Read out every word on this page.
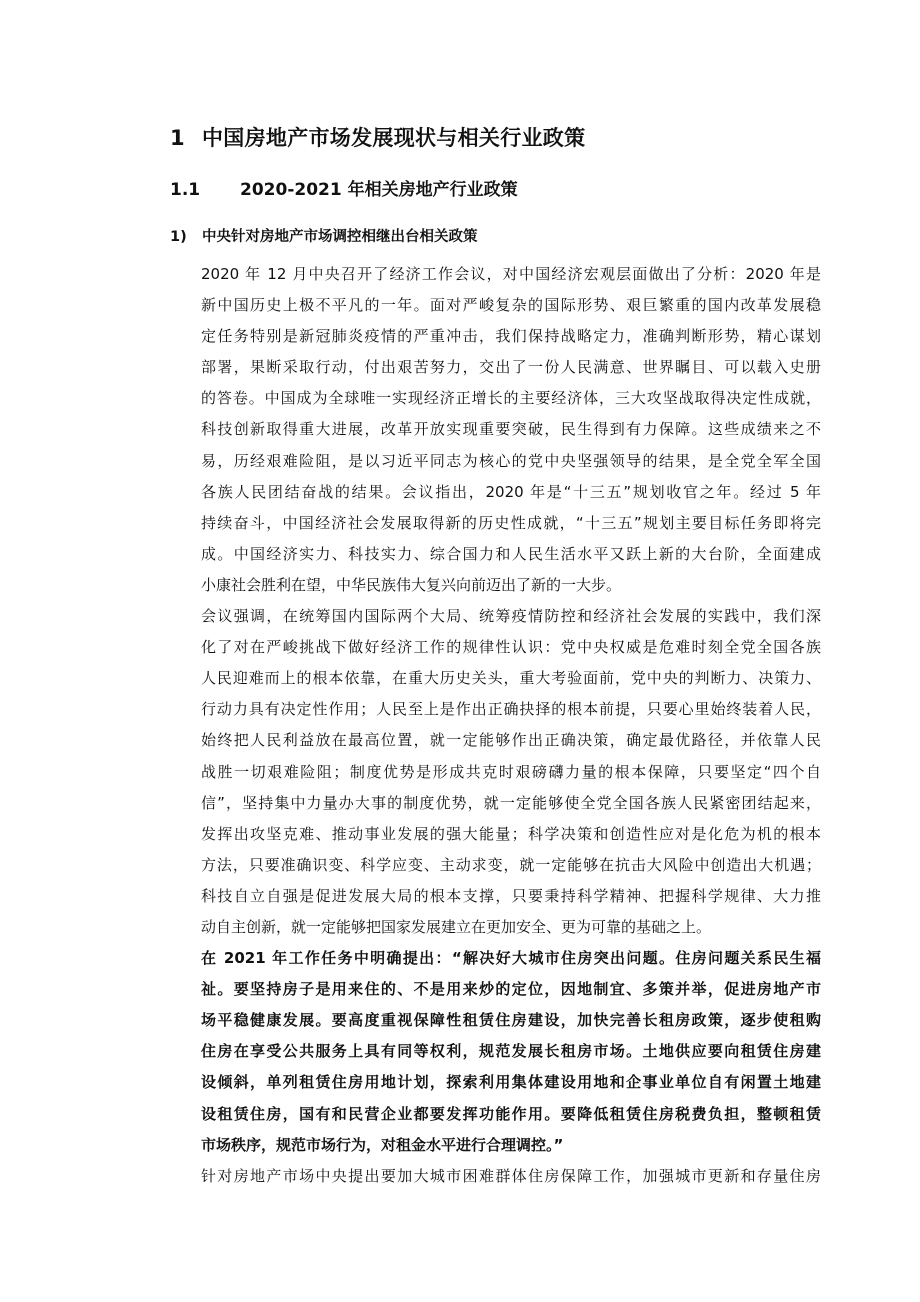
1 中国房地产市场发展现状与相关行业政策
1.1 2020-2021 年相关房地产行业政策
1) 中央针对房地产市场调控相继出台相关政策
2020 年 12 月中央召开了经济工作会议，对中国经济宏观层面做出了分析：2020 年是
新中国历史上极不平凡的一年。面对严峻复杂的国际形势、艰巨繁重的国内改革发展稳
定任务特别是新冠肺炎疫情的严重冲击，我们保持战略定力，准确判断形势，精心谋划
部署，果断采取行动，付出艰苦努力，交出了一份人民满意、世界瞩目、可以载入史册
的答卷。中国成为全球唯一实现经济正增长的主要经济体，三大攻坚战取得决定性成就，
科技创新取得重大进展，改革开放实现重要突破，民生得到有力保障。这些成绩来之不
易，历经艰难险阻，是以习近平同志为核心的党中央坚强领导的结果，是全党全军全国
各族人民团结奋战的结果。会议指出，2020 年是“十三五”规划收官之年。经过 5 年
持续奋斗，中国经济社会发展取得新的历史性成就，“十三五”规划主要目标任务即将完
成。中国经济实力、科技实力、综合国力和人民生活水平又跃上新的大台阶，全面建成
小康社会胜利在望，中华民族伟大复兴向前迈出了新的一大步。
会议强调，在统筹国内国际两个大局、统筹疫情防控和经济社会发展的实践中，我们深
化了对在严峻挑战下做好经济工作的规律性认识：党中央权威是危难时刻全党全国各族
人民迎难而上的根本依靠，在重大历史关头，重大考验面前，党中央的判断力、决策力、
行动力具有决定性作用；人民至上是作出正确抉择的根本前提，只要心里始终装着人民，
始终把人民利益放在最高位置，就一定能够作出正确决策，确定最优路径，并依靠人民
战胜一切艰难险阻；制度优势是形成共克时艰磅礴力量的根本保障，只要坚定“四个自
信”，坚持集中力量办大事的制度优势，就一定能够使全党全国各族人民紧密团结起来，
发挥出攻坚克难、推动事业发展的强大能量；科学决策和创造性应对是化危为机的根本
方法，只要准确识变、科学应变、主动求变，就一定能够在抗击大风险中创造出大机遇；
科技自立自强是促进发展大局的根本支撑，只要秉持科学精神、把握科学规律、大力推
动自主创新，就一定能够把国家发展建立在更加安全、更为可靠的基础之上。
在 2021 年工作任务中明确提出：“解决好大城市住房突出问题。住房问题关系民生福
祉。要坚持房子是用来住的、不是用来炒的定位，因地制宜、多策并举，促进房地产市
场平稳健康发展。要高度重视保障性租赁住房建设，加快完善长租房政策，逐步使租购
住房在享受公共服务上具有同等权利，规范发展长租房市场。土地供应要向租赁住房建
设倾斜，单列租赁住房用地计划，探索利用集体建设用地和企事业单位自有闲置土地建
设租赁住房，国有和民营企业都要发挥功能作用。要降低租赁住房税费负担，整顿租赁
市场秩序，规范市场行为，对租金水平进行合理调控。”
针对房地产市场中央提出要加大城市困难群体住房保障工作，加强城市更新和存量住房
